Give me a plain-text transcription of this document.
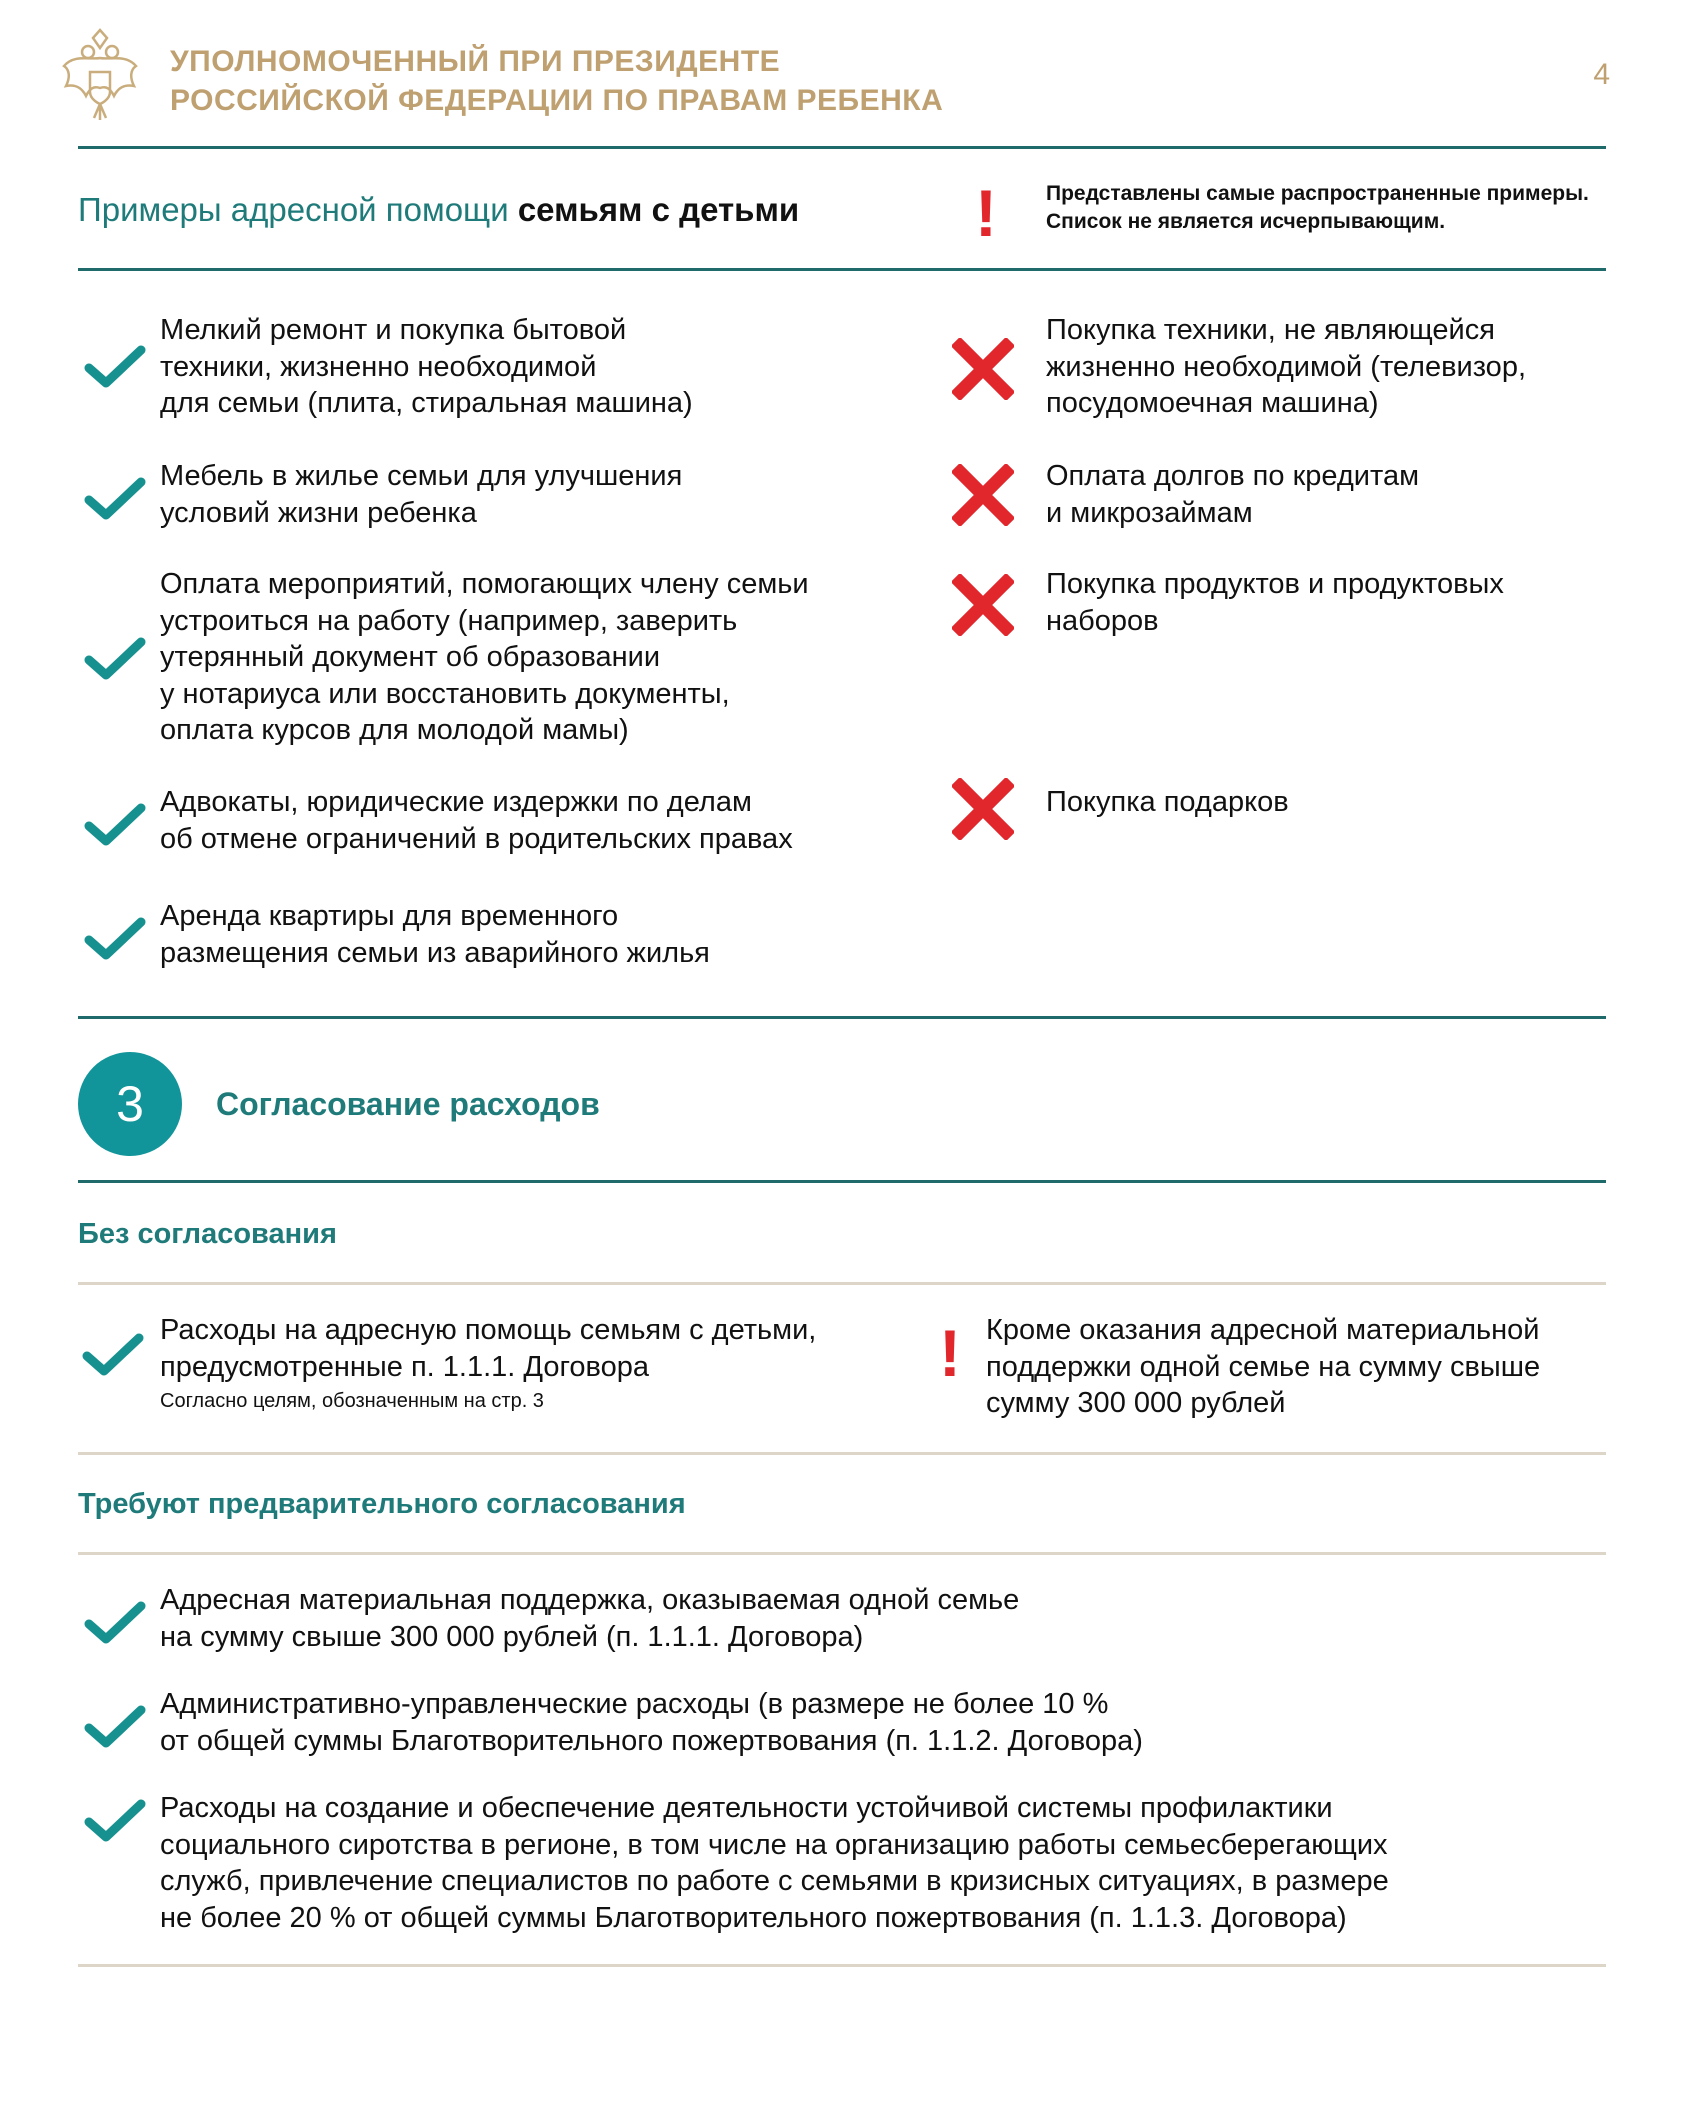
УПОЛНОМОЧЕННЫЙ ПРИ ПРЕЗИДЕНТЕ
РОССИЙСКОЙ ФЕДЕРАЦИИ ПО ПРАВАМ РЕБЕНКА
4
Примеры адресной помощи семьям с детьми	!	Представлены самые распространенные примеры.
Список не является исчерпывающим.
Мелкий ремонт и покупка бытовой
техники, жизненно необходимой
для семьи (плита, стиральная машина)
Мебель в жилье семьи для улучшения
условий жизни ребенка
Оплата мероприятий, помогающих члену семьи
устроиться на работу (например, заверить
утерянный документ об образовании
у нотариуса или восстановить документы,
оплата курсов для молодой мамы)
Адвокаты, юридические издержки по делам
об отмене ограничений в родительских правах
Аренда квартиры для временного
размещения семьи из аварийного жилья
Покупка техники, не являющейся
жизненно необходимой (телевизор,
посудомоечная машина)
Оплата долгов по кредитам
и микрозаймам
Покупка продуктов и продуктовых
наборов
Покупка подарков
3	Согласование расходов
Без согласования
Расходы на адресную помощь семьям с детьми,
предусмотренные п. 1.1.1. Договора
Согласно целям, обозначенным на стр. 3
! Кроме оказания адресной материальной
поддержки одной семье на сумму свыше
сумму 300 000 рублей
Требуют предварительного согласования
Адресная материальная поддержка, оказываемая одной семье
на сумму свыше 300 000 рублей (п. 1.1.1. Договора)
Административно-управленческие расходы (в размере не более 10 %
от общей суммы Благотворительного пожертвования (п. 1.1.2. Договора)
Расходы на создание и обеспечение деятельности устойчивой системы профилактики
социального сиротства в регионе, в том числе на организацию работы семьесберегающих
служб, привлечение специалистов по работе с семьями в кризисных ситуациях, в размере
не более 20 % от общей суммы Благотворительного пожертвования (п. 1.1.3. Договора)
